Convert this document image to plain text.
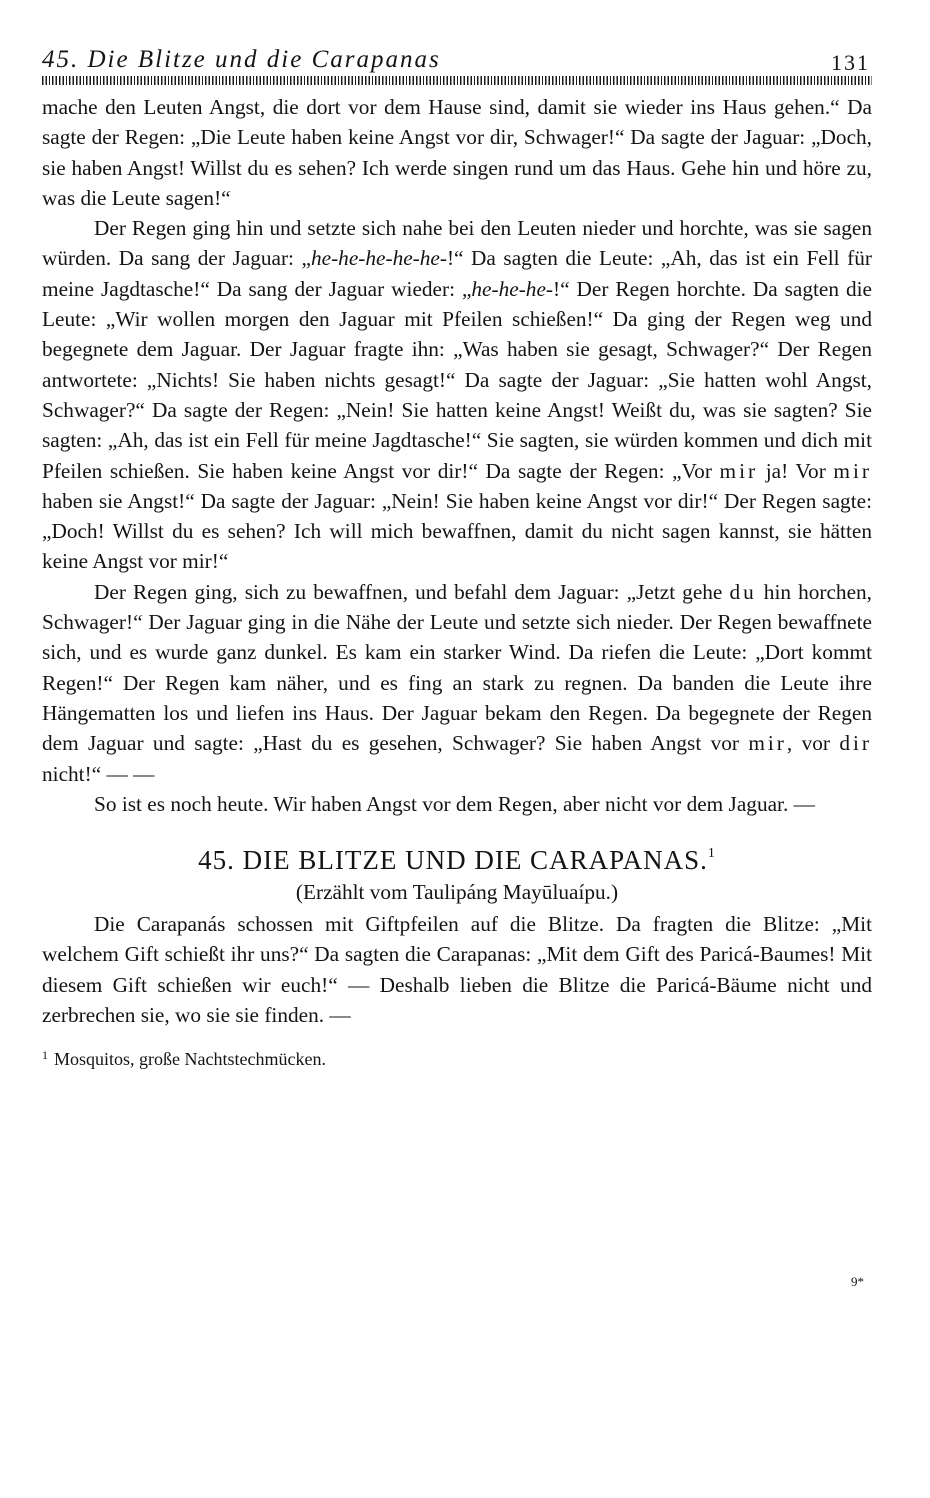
45. Die Blitze und die Carapanas	131

mache den Leuten Angst, die dort vor dem Hause sind, damit sie wieder ins Haus gehen.“ Da sagte der Regen: „Die Leute haben keine Angst vor dir, Schwager!“ Da sagte der Jaguar: „Doch, sie haben Angst! Willst du es sehen? Ich werde singen rund um das Haus. Gehe hin und höre zu, was die Leute sagen!“

Der Regen ging hin und setzte sich nahe bei den Leuten nieder und horchte, was sie sagen würden. Da sang der Jaguar: „he-he-he-he-he-!“ Da sagten die Leute: „Ah, das ist ein Fell für meine Jagdtasche!“ Da sang der Jaguar wieder: „he-he-he-!“ Der Regen horchte. Da sagten die Leute: „Wir wollen morgen den Jaguar mit Pfeilen schießen!“ Da ging der Regen weg und begegnete dem Jaguar. Der Jaguar fragte ihn: „Was haben sie gesagt, Schwager?“ Der Regen antwortete: „Nichts! Sie haben nichts gesagt!“ Da sagte der Jaguar: „Sie hatten wohl Angst, Schwager?“ Da sagte der Regen: „Nein! Sie hatten keine Angst! Weißt du, was sie sagten? Sie sagten: „Ah, das ist ein Fell für meine Jagdtasche!“ Sie sagten, sie würden kommen und dich mit Pfeilen schießen. Sie haben keine Angst vor dir!“ Da sagte der Regen: „Vor mir ja! Vor mir haben sie Angst!“ Da sagte der Jaguar: „Nein! Sie haben keine Angst vor dir!“ Der Regen sagte: „Doch! Willst du es sehen? Ich will mich bewaffnen, damit du nicht sagen kannst, sie hätten keine Angst vor mir!“

Der Regen ging, sich zu bewaffnen, und befahl dem Jaguar: „Jetzt gehe du hin horchen, Schwager!“ Der Jaguar ging in die Nähe der Leute und setzte sich nieder. Der Regen bewaffnete sich, und es wurde ganz dunkel. Es kam ein starker Wind. Da riefen die Leute: „Dort kommt Regen!“ Der Regen kam näher, und es fing an stark zu regnen. Da banden die Leute ihre Hängematten los und liefen ins Haus. Der Jaguar bekam den Regen. Da begegnete der Regen dem Jaguar und sagte: „Hast du es gesehen, Schwager? Sie haben Angst vor mir, vor dir nicht!“ — —

So ist es noch heute. Wir haben Angst vor dem Regen, aber nicht vor dem Jaguar. —

45. DIE BLITZE UND DIE CARAPANAS.$^1$
(Erzählt vom Taulipáng Mayūluaípu.)

Die Carapanás schossen mit Giftpfeilen auf die Blitze. Da fragten die Blitze: „Mit welchem Gift schießt ihr uns?“ Da sagten die Carapanas: „Mit dem Gift des Paricá-Baumes! Mit diesem Gift schießen wir euch!“ — Deshalb lieben die Blitze die Paricá-Bäume nicht und zerbrechen sie, wo sie sie finden. —

$^1$ Mosquitos, große Nachtstechmücken.
9*
